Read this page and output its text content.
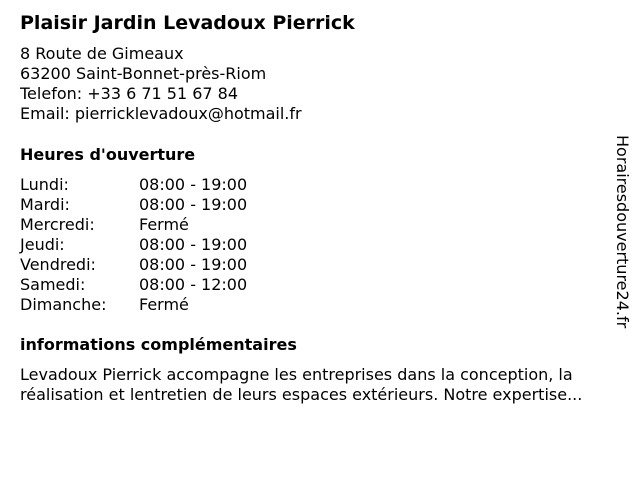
Plaisir Jardin Levadoux Pierrick
8 Route de Gimeaux
63200 Saint-Bonnet-près-Riom
Telefon: +33 6 71 51 67 84
Email: pierricklevadoux@hotmail.fr
Heures d'ouverture
Lundi:	08:00 - 19:00
Mardi:	08:00 - 19:00
Mercredi:	Fermé
Jeudi:	08:00 - 19:00
Vendredi:	08:00 - 19:00
Samedi:	08:00 - 12:00
Dimanche:	Fermé
informations complémentaires
Levadoux Pierrick accompagne les entreprises dans la conception, la
réalisation et lentretien de leurs espaces extérieurs. Notre expertise...
Horairesdouverture24.fr
